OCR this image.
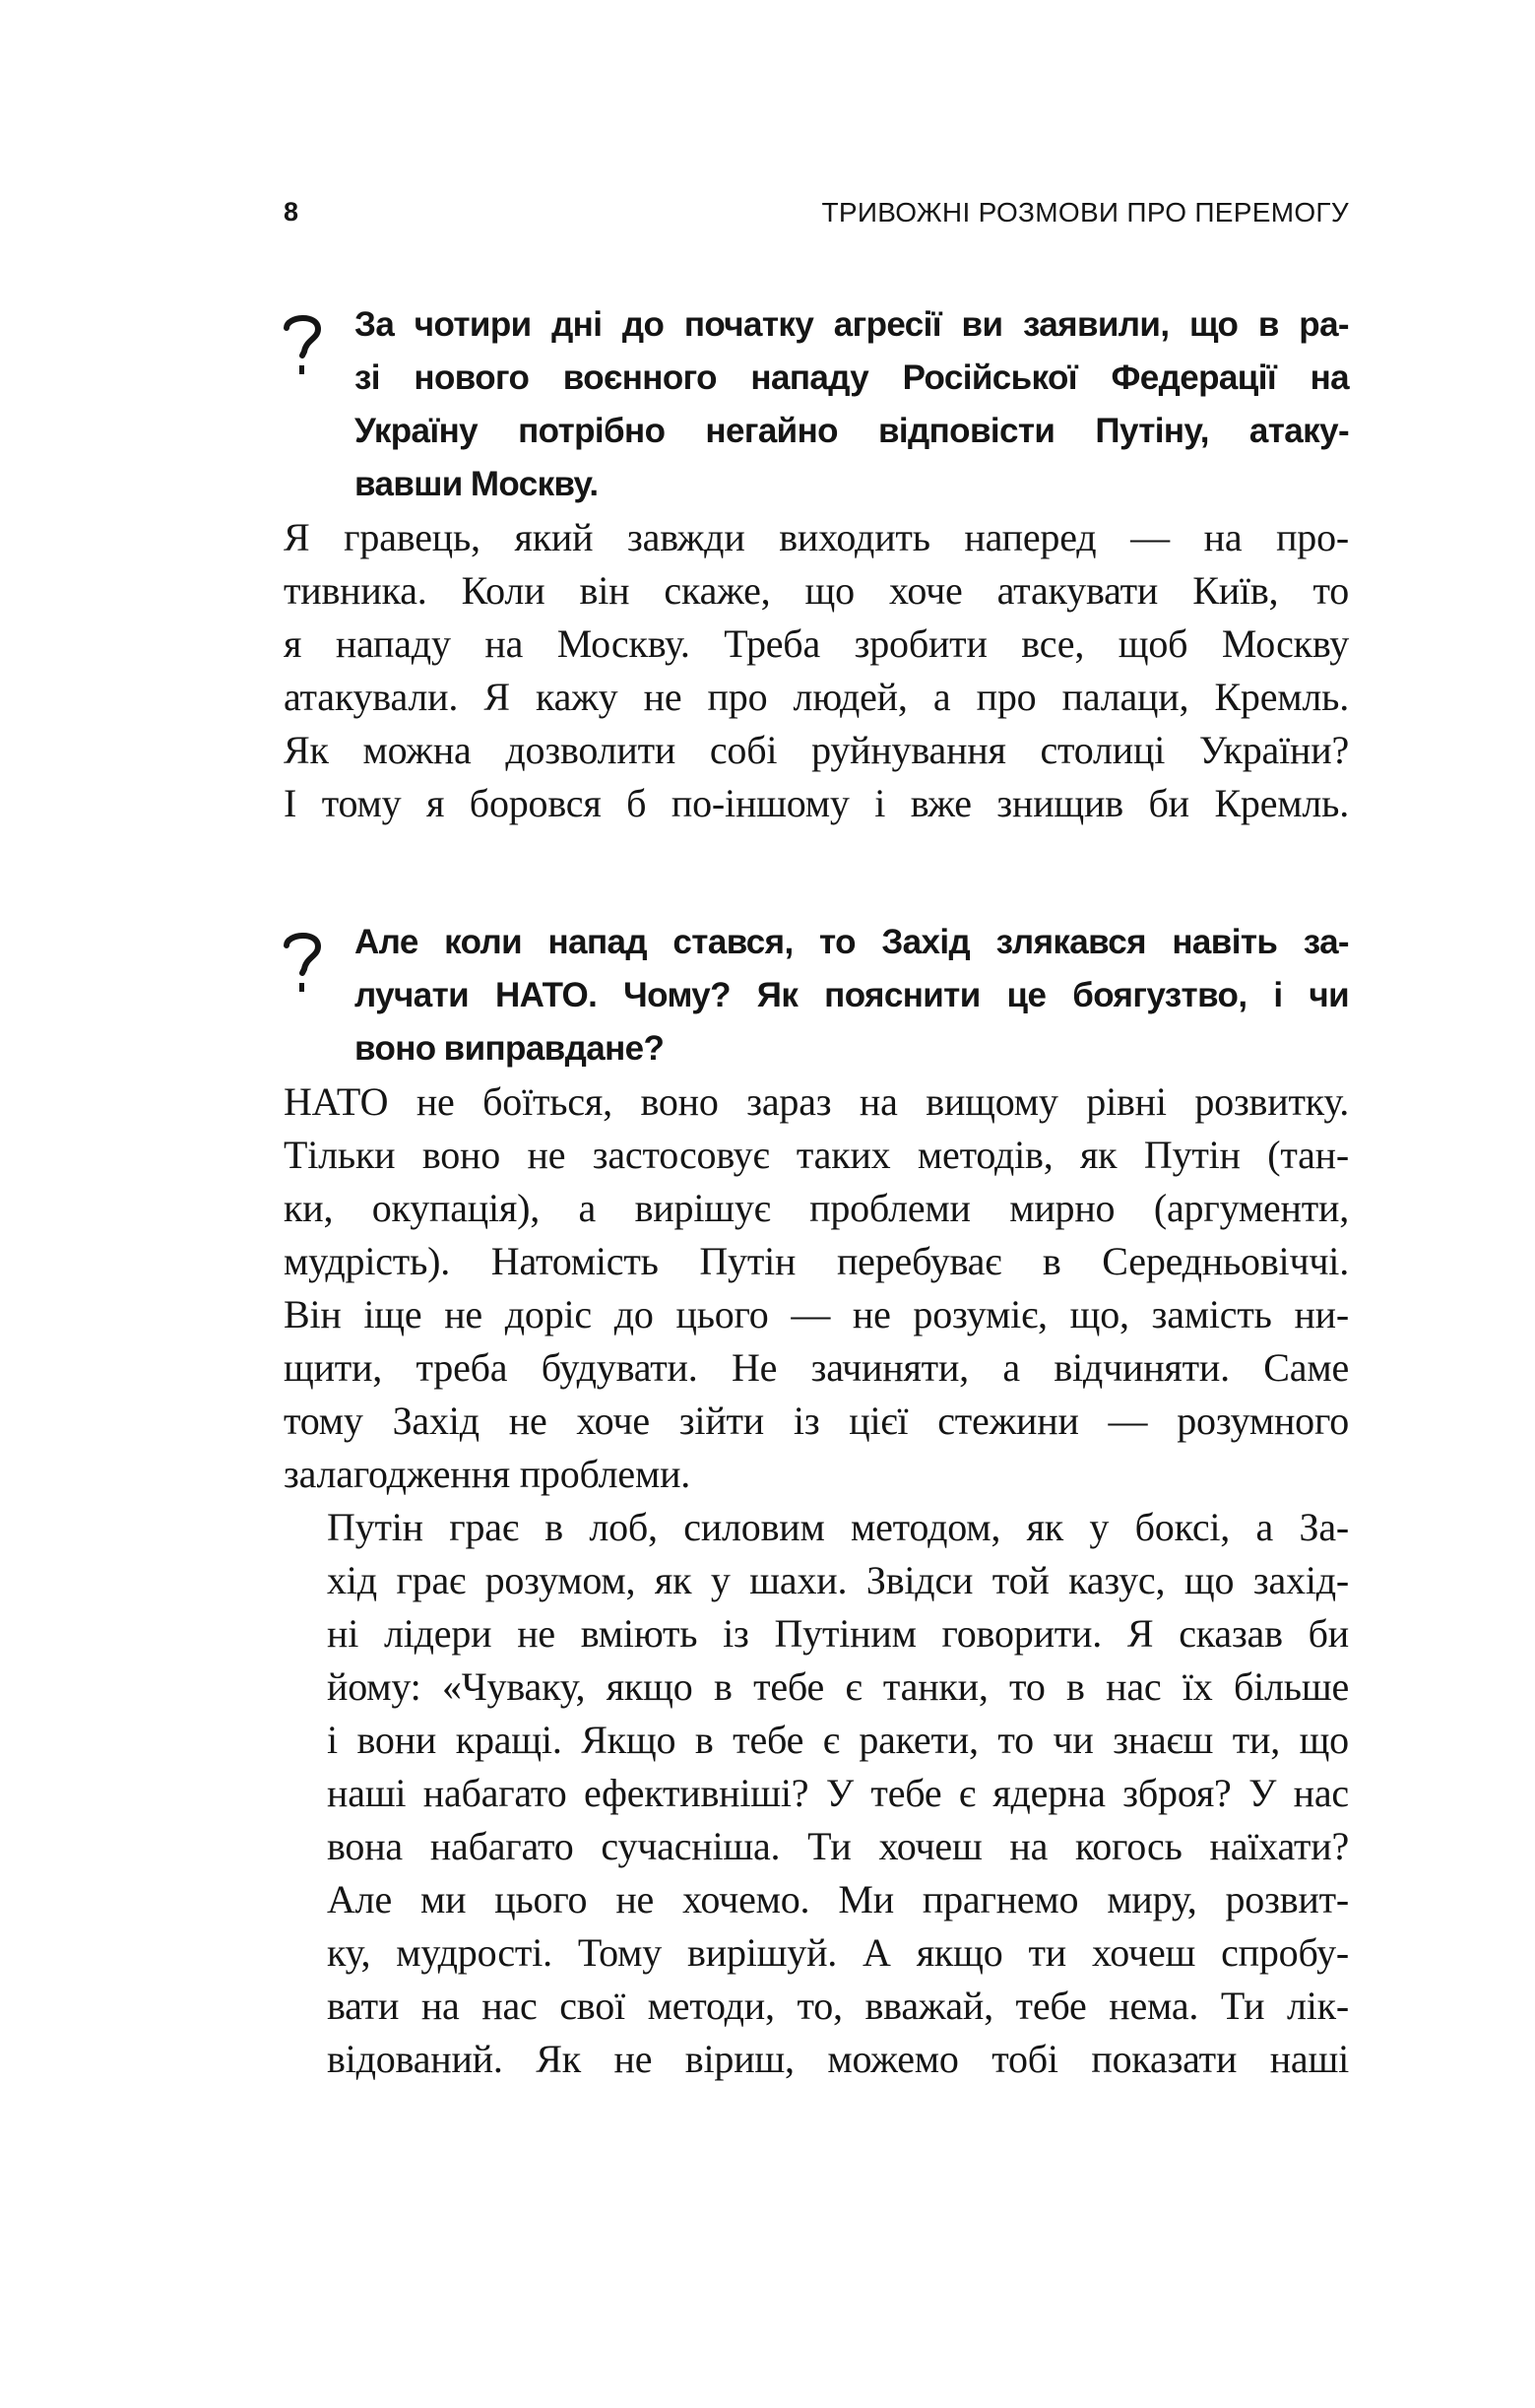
8	ТРИВОЖНІ РОЗМОВИ ПРО ПЕРЕМОГУ
За чотири дні до початку агресії ви заявили, що в ра-
зі нового воєнного нападу Російської Федерації на
Україну потрібно негайно відповісти Путіну, атаку-
вавши Москву.

Я гравець, який завжди виходить наперед — на про-
тивника. Коли він скаже, що хоче атакувати Київ, то
я нападу на Москву. Треба зробити все, щоб Москву
атакували. Я кажу не про людей, а про палаци, Кремль.
Як можна дозволити собі руйнування столиці України?
І тому я боровся б по-іншому і вже знищив би Кремль.

Але коли напад стався, то Захід злякався навіть за-
лучати НАТО. Чому? Як пояснити це боягузтво, і чи
воно виправдане?

НАТО не боїться, воно зараз на вищому рівні розвитку.
Тільки воно не застосовує таких методів, як Путін (тан-
ки, окупація), а вирішує проблеми мирно (аргументи,
мудрість). Натомість Путін перебуває в Середньовіччі.
Він іще не доріс до цього — не розуміє, що, замість ни-
щити, треба будувати. Не зачиняти, а відчиняти. Саме
тому Захід не хоче зійти із цієї стежини — розумного
залагодження проблеми.

Путін грає в лоб, силовим методом, як у боксі, а За-
хід грає розумом, як у шахи. Звідси той казус, що захід-
ні лідери не вміють із Путіним говорити. Я сказав би
йому: «Чуваку, якщо в тебе є танки, то в нас їх більше
і вони кращі. Якщо в тебе є ракети, то чи знаєш ти, що
наші набагато ефективніші? У тебе є ядерна зброя? У нас
вона набагато сучасніша. Ти хочеш на когось наїхати?
Але ми цього не хочемо. Ми прагнемо миру, розвит-
ку, мудрості. Тому вирішуй. А якщо ти хочеш спробу-
вати на нас свої методи, то, вважай, тебе нема. Ти лік-
відований. Як не віриш, можемо тобі показати наші
